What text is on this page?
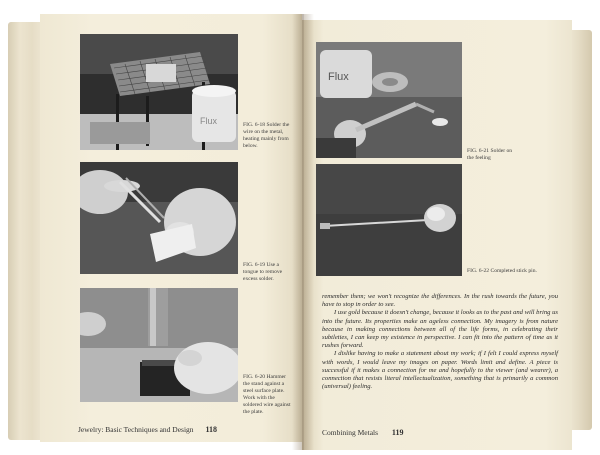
Flux	FIG. 6-18 Solder the wire on the metal, heating mainly from below.
FIG. 6-19 Use a tongue to remove excess solder.
FIG. 6-20 Hammer the stand against a steel surface plate. Work with the soldered wire against the plate.
Jewelry: Basic Techniques and Design 118
Flux
FIG. 6-21 Solder on the feeling
FIG. 6-22 Completed stick pin.

remember them; we won't recognize the differences. In the rush towards the future, you have to stop in order to see.

I use gold because it doesn't change, because it looks as to the past and will bring us into the future. Its properties make an ageless connection. My imagery is from nature because in making connections between all of the life forms, in celebrating their subtleties, I can keep my existence in perspective. I can fit into the pattern of time as it rushes forward.

I dislike having to make a statement about my work; if I felt I could express myself with words, I would leave my images on paper. Words limit and define. A piece is successful if it makes a connection for me and hopefully to the viewer (and wearer), a connection that resists literal intellectualization, something that is primarily a common (universal) feeling.

Combining Metals 119
